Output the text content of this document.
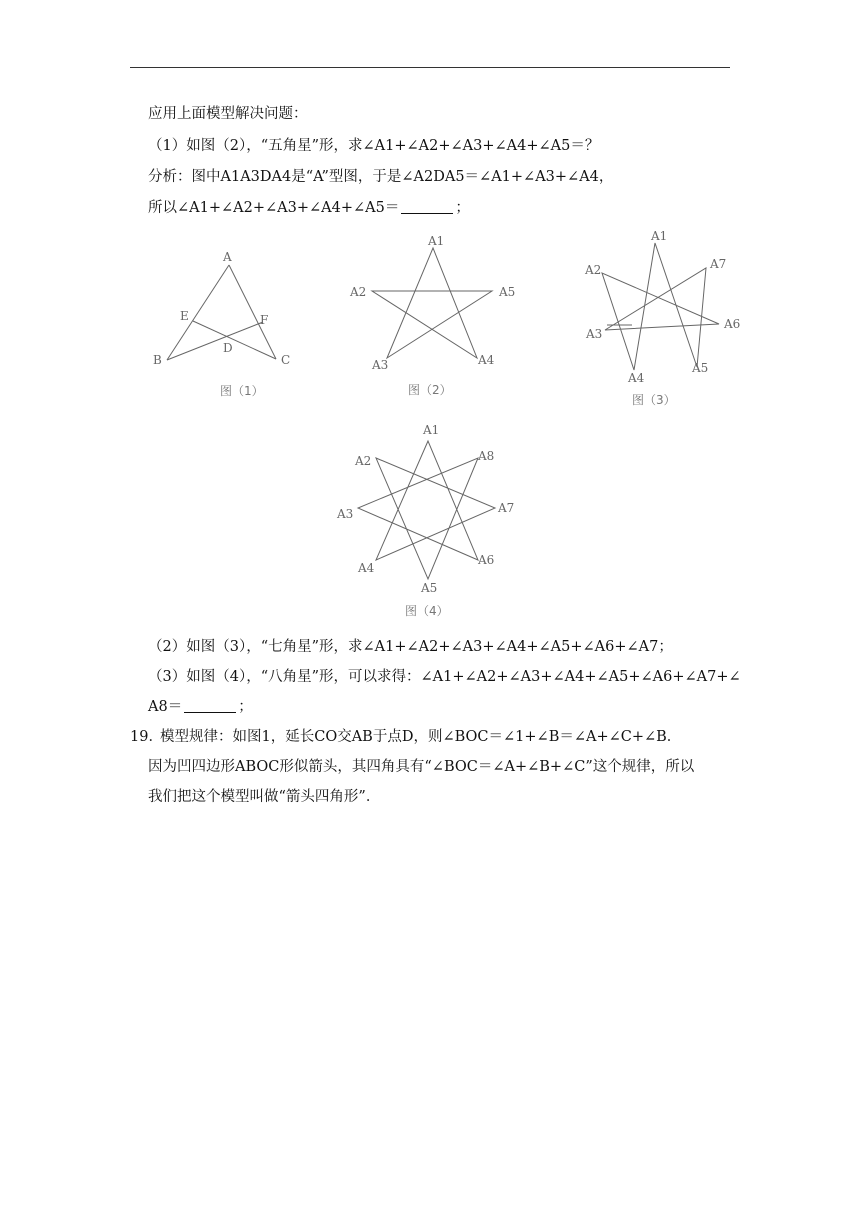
应用上面模型解决问题：
（1）如图（2），“五角星”形，求∠A1+∠A2+∠A3+∠A4+∠A5＝？
分析：图中A1A3DA4是“A”型图，于是∠A2DA5＝∠A1+∠A3+∠A4，
所以∠A1+∠A2+∠A3+∠A4+∠A5＝	；
（2）如图（3），“七角星”形，求∠A1+∠A2+∠A3+∠A4+∠A5+∠A6+∠A7；
（3）如图（4），“八角星”形，可以求得：∠A1+∠A2+∠A3+∠A4+∠A5+∠A6+∠A7+∠
A8＝	；
19．
模型规律：如图1，延长CO交AB于点D，则∠BOC＝∠1+∠B＝∠A+∠C+∠B．
因为凹四边形ABOC形似箭头，其四角具有“∠BOC＝∠A+∠B+∠C”这个规律，所以
我们把这个模型叫做“箭头四角形”．
A
B	C
D
E	F
图（1）
A1
A2
A3	A4
A5
图（2）
A1
A2
A3
A4
A5
A6
A7
图（3）
A1
A2
A3
A4
A5
A6
A7
A8
图（4）
